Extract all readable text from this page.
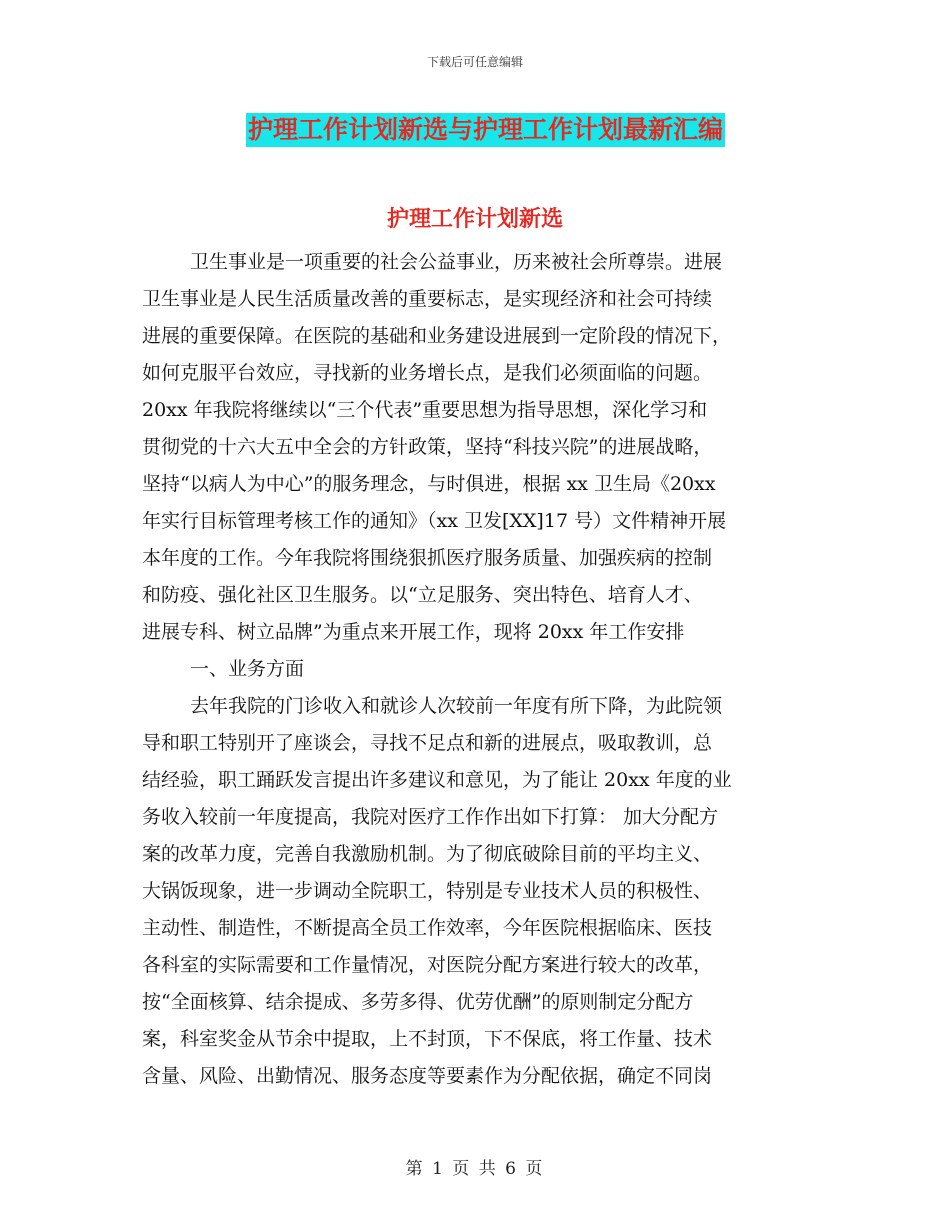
下载后可任意编辑
护理工作计划新选与护理工作计划最新汇编
护理工作计划新选
卫生事业是一项重要的社会公益事业，历来被社会所尊崇。进展
卫生事业是人民生活质量改善的重要标志，是实现经济和社会可持续
进展的重要保障。在医院的基础和业务建设进展到一定阶段的情况下，
如何克服平台效应，寻找新的业务增长点，是我们必须面临的问题。
20xx 年我院将继续以“三个代表”重要思想为指导思想，深化学习和
贯彻党的十六大五中全会的方针政策，坚持“科技兴院”的进展战略，
坚持“以病人为中心”的服务理念，与时俱进，根据 xx 卫生局《20xx
年实行目标管理考核工作的通知》（xx 卫发[XX]17 号）文件精神开展
本年度的工作。今年我院将围绕狠抓医疗服务质量、加强疾病的控制
和防疫、强化社区卫生服务。以“立足服务、突出特色、培育人才、
进展专科、树立品牌”为重点来开展工作，现将 20xx 年工作安排
一、业务方面
去年我院的门诊收入和就诊人次较前一年度有所下降，为此院领
导和职工特别开了座谈会，寻找不足点和新的进展点，吸取教训，总
结经验，职工踊跃发言提出许多建议和意见，为了能让 20xx 年度的业
务收入较前一年度提高，我院对医疗工作作出如下打算： 加大分配方
案的改革力度，完善自我激励机制。为了彻底破除目前的平均主义、
大锅饭现象，进一步调动全院职工，特别是专业技术人员的积极性、
主动性、制造性，不断提高全员工作效率，今年医院根据临床、医技
各科室的实际需要和工作量情况，对医院分配方案进行较大的改革，
按“全面核算、结余提成、多劳多得、优劳优酬”的原则制定分配方
案，科室奖金从节余中提取，上不封顶，下不保底，将工作量、技术
含量、风险、出勤情况、服务态度等要素作为分配依据，确定不同岗
第 1 页 共 6 页
